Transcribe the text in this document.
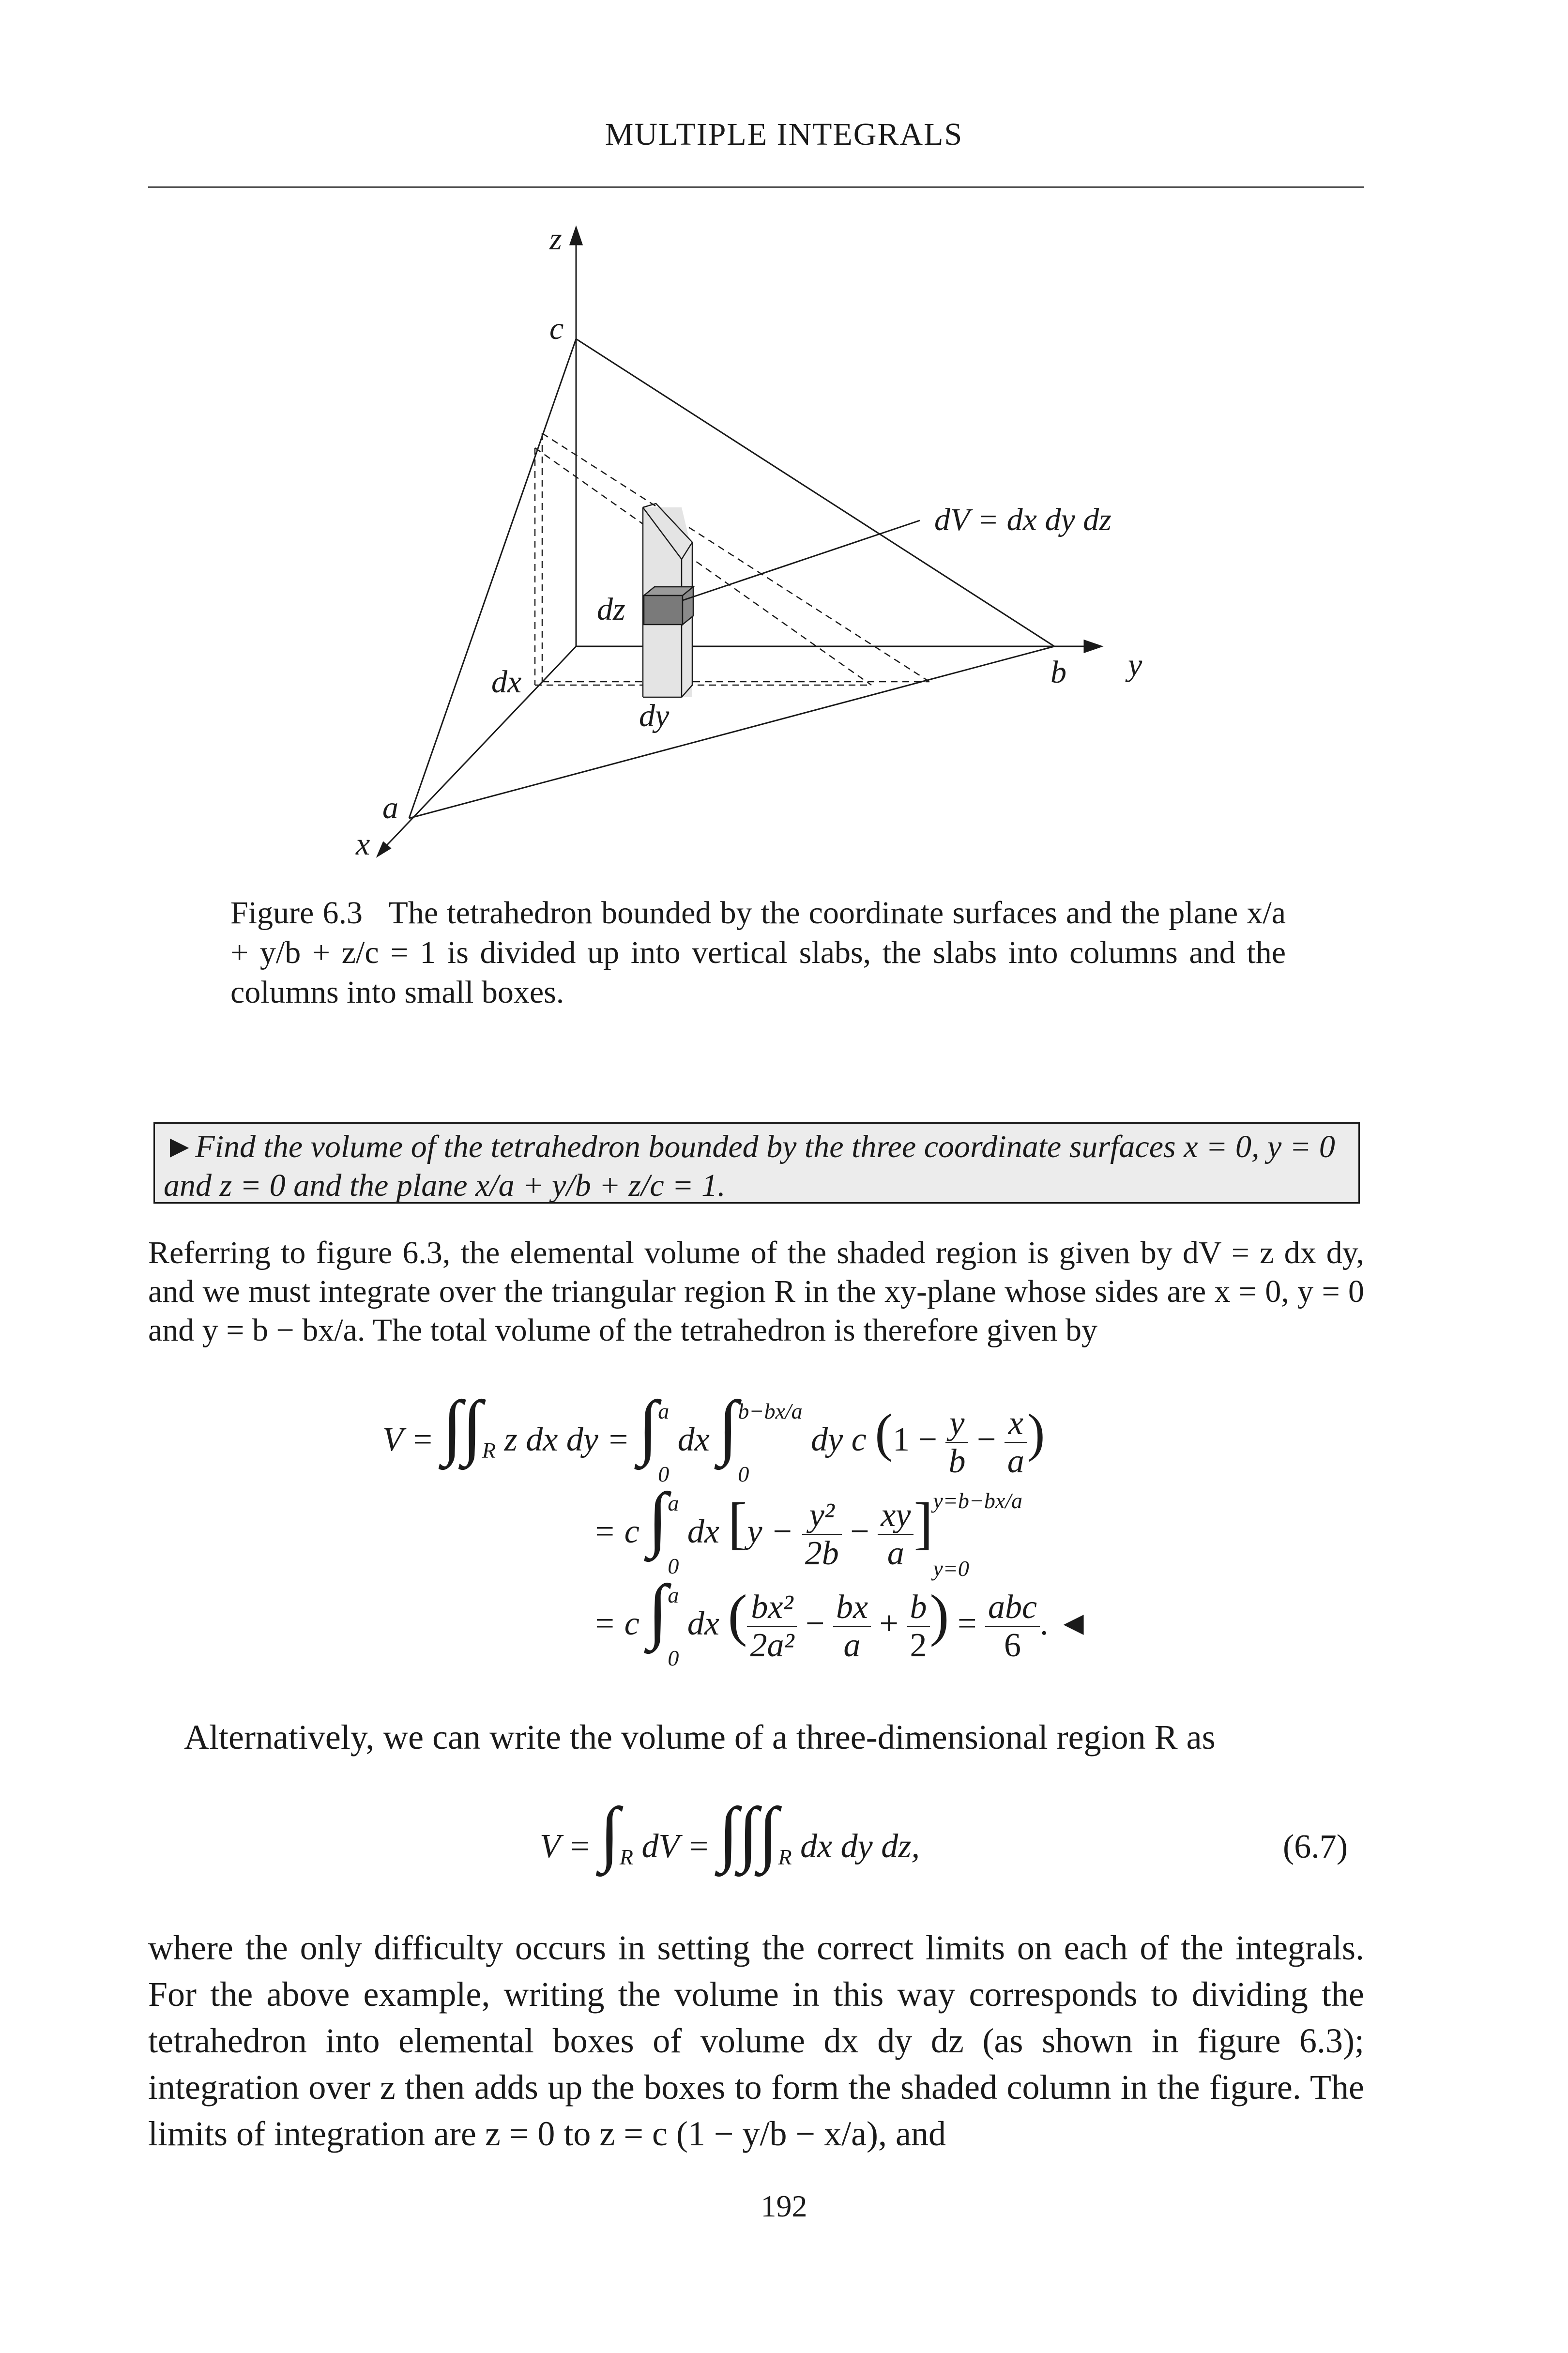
MULTIPLE INTEGRALS
z
c
dV = dx dy dz
dz
dx	b y
dy
a
x
Figure 6.3 The tetrahedron bounded by the coordinate surfaces and the plane x/a + y/b + z/c = 1 is divided up into vertical slabs, the slabs into columns and the columns into small boxes.
►Find the volume of the tetrahedron bounded by the three coordinate surfaces x = 0, y = 0 and z = 0 and the plane x/a + y/b + z/c = 1.
Referring to figure 6.3, the elemental volume of the shaded region is given by dV = z dx dy, and we must integrate over the triangular region R in the xy-plane whose sides are x = 0, y = 0 and y = b − bx/a. The total volume of the tetrahedron is therefore given by
$V = \int\int_R$ z dx dy = ∫ a
0
dx ∫ b−bx/a
0
dy c ($1 - \frac{y}{b} - \frac{x}{a}$ )
= c ∫ a
0
dx [$y - \frac{\text{y²}}{2b} - \frac{xy}{a}$ ] y=b−bx/a
y=0
= c ∫ a
0
dx ( $\frac{\text{bx²}}{\text{2a²}} - \frac{bx}{a} + \frac{b}{2}$ ) = $\frac{\text{abc}}{6}$ . ◄
Alternatively, we can write the volume of a three-dimensional region R as
$V = \int_R$ dV = $\int\int\int_R$ dx dy dz,	(6.7)
where the only difficulty occurs in setting the correct limits on each of the integrals. For the above example, writing the volume in this way corresponds to dividing the tetrahedron into elemental boxes of volume dx dy dz (as shown in figure 6.3); integration over z then adds up the boxes to form the shaded column in the figure. The limits of integration are z = 0 to z = c (1 − y/b − x/a), and
192
